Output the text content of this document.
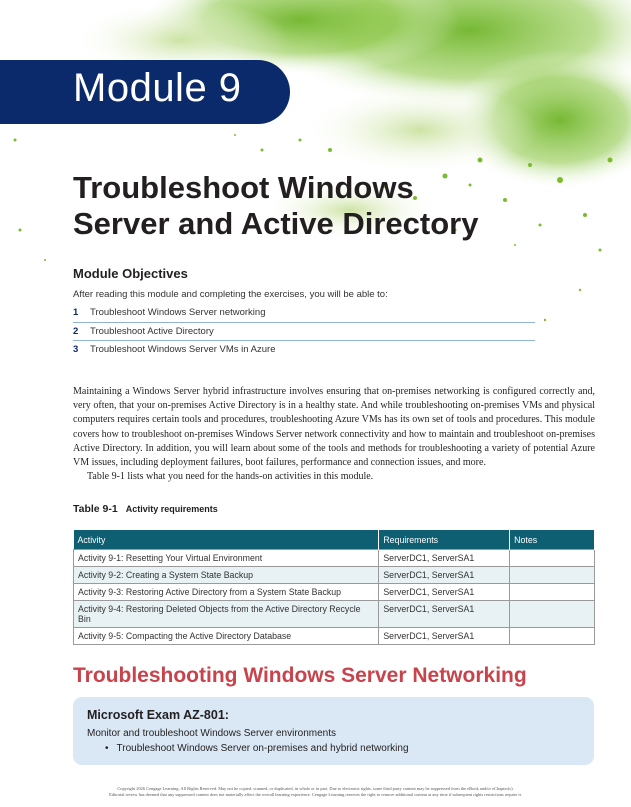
Module 9
Troubleshoot Windows
Server and Active Directory
Module Objectives
After reading this module and completing the exercises, you will be able to:
1 Troubleshoot Windows Server networking
2 Troubleshoot Active Directory
3 Troubleshoot Windows Server VMs in Azure

Maintaining a Windows Server hybrid infrastructure involves ensuring that on-premises networking is configured correctly and, very often, that your on-premises Active Directory is in a healthy state. And while troubleshooting on-premises VMs and physical computers requires certain tools and procedures, troubleshooting Azure VMs has its own set of tools and procedures. This module covers how to troubleshoot on-premises Windows Server network connectivity and how to maintain and troubleshoot on-premises Active Directory. In addition, you will learn about some of the tools and methods for troubleshooting a variety of potential Azure VM issues, including deployment failures, boot failures, performance and connection issues, and more.

Table 9-1 lists what you need for the hands-on activities in this module.

Table 9-1 Activity requirements
Activity	Requirements	Notes
Activity 9-1: Resetting Your Virtual Environment	ServerDC1, ServerSA1	
Activity 9-2: Creating a System State Backup	ServerDC1, ServerSA1	
Activity 9-3: Restoring Active Directory from a System State Backup	ServerDC1, ServerSA1	
Activity 9-4: Restoring Deleted Objects from the Active Directory Recycle Bin	ServerDC1, ServerSA1	
Activity 9-5: Compacting the Active Directory Database	ServerDC1, ServerSA1	
Troubleshooting Windows Server Networking
Microsoft Exam AZ-801:
Monitor and troubleshoot Windows Server environments
• Troubleshoot Windows Server on-premises and hybrid networking
Copyright 2026 Cengage Learning. All Rights Reserved. May not be copied, scanned, or duplicated, in whole or in part. Due to electronic rights, some third party content may be suppressed from the eBook and/or eChapter(s).
Editorial review has deemed that any suppressed content does not materially affect the overall learning experience. Cengage Learning reserves the right to remove additional content at any time if subsequent rights restrictions require it.
